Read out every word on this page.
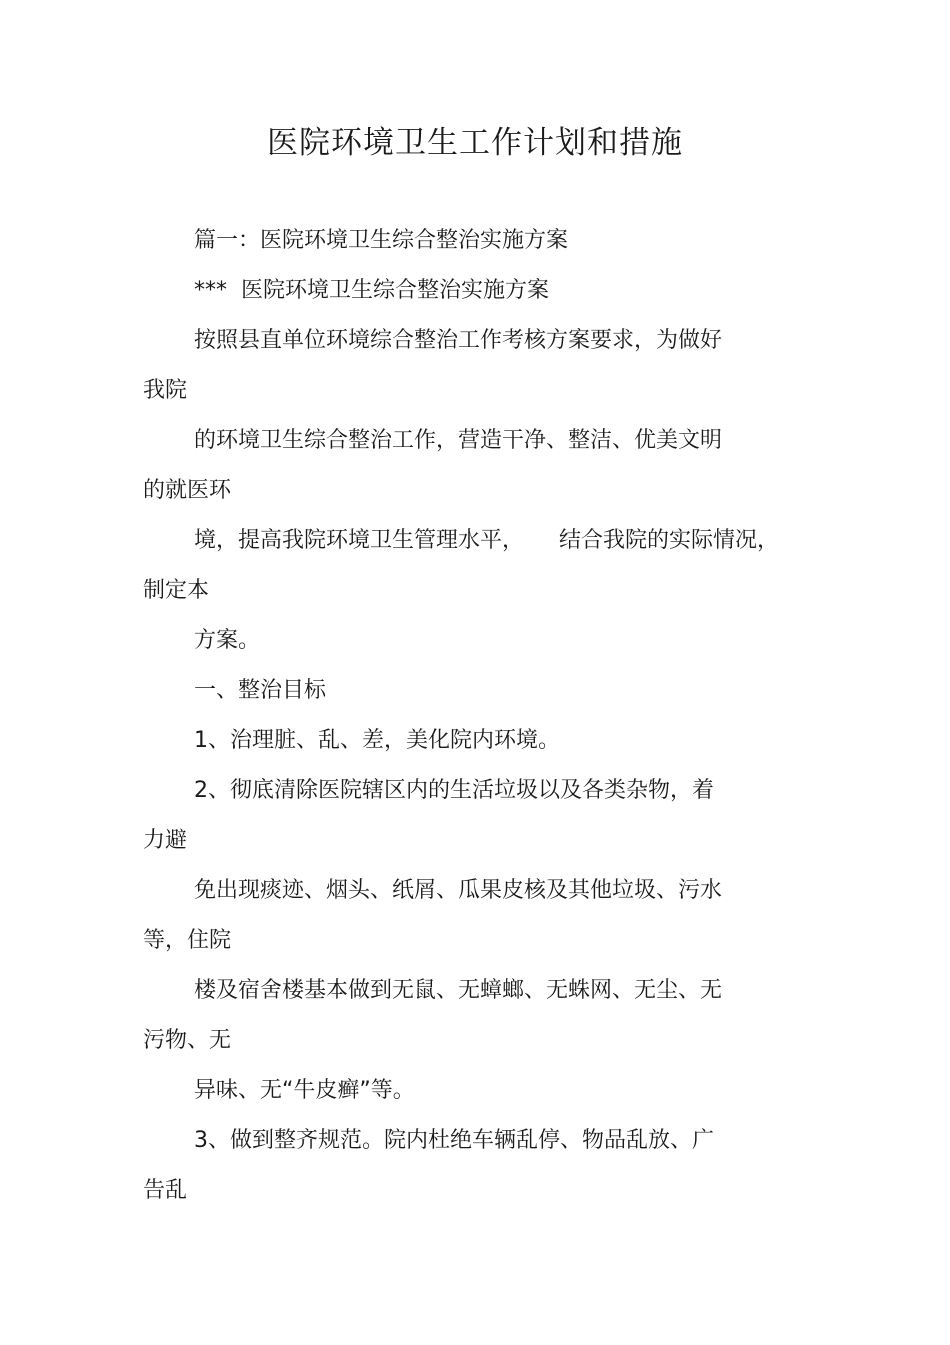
医院环境卫生工作计划和措施
篇一：医院环境卫生综合整治实施方案
***  医院环境卫生综合整治实施方案
按照县直单位环境综合整治工作考核方案要求，为做好
我院
的环境卫生综合整治工作，营造干净、整洁、优美文明
的就医环
境，提高我院环境卫生管理水平，     结合我院的实际情况，
制定本
方案。
一、整治目标
1、治理脏、乱、差，美化院内环境。
2、彻底清除医院辖区内的生活垃圾以及各类杂物，着
力避
免出现痰迹、烟头、纸屑、瓜果皮核及其他垃圾、污水
等，住院
楼及宿舍楼基本做到无鼠、无蟑螂、无蛛网、无尘、无
污物、无
异味、无“牛皮癣”等。
3、做到整齐规范。院内杜绝车辆乱停、物品乱放、广
告乱
